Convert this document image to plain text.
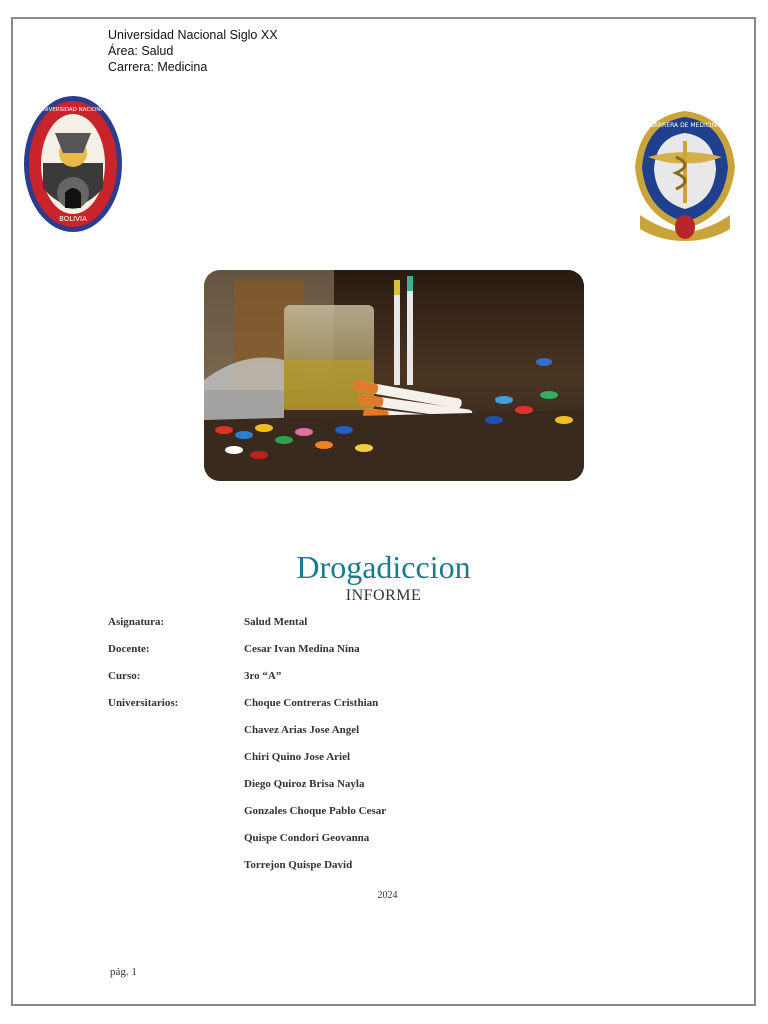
Universidad Nacional Siglo XX
Área: Salud
Carrera: Medicina
BOLIVIA
UNIVERSIDAD NACIONAL
CARRERA DE MEDICINA
Drogadiccion
INFORME
Asignatura:	Salud Mental
Docente:	Cesar Ivan Medina Nina
Curso:	3ro “A”
Universitarios:	Choque Contreras Cristhian
Chavez Arias Jose Angel
Chiri Quino Jose Ariel
Diego Quiroz Brisa Nayla
Gonzales Choque Pablo Cesar
Quispe Condori Geovanna
Torrejon Quispe David
2024
pág. 1
